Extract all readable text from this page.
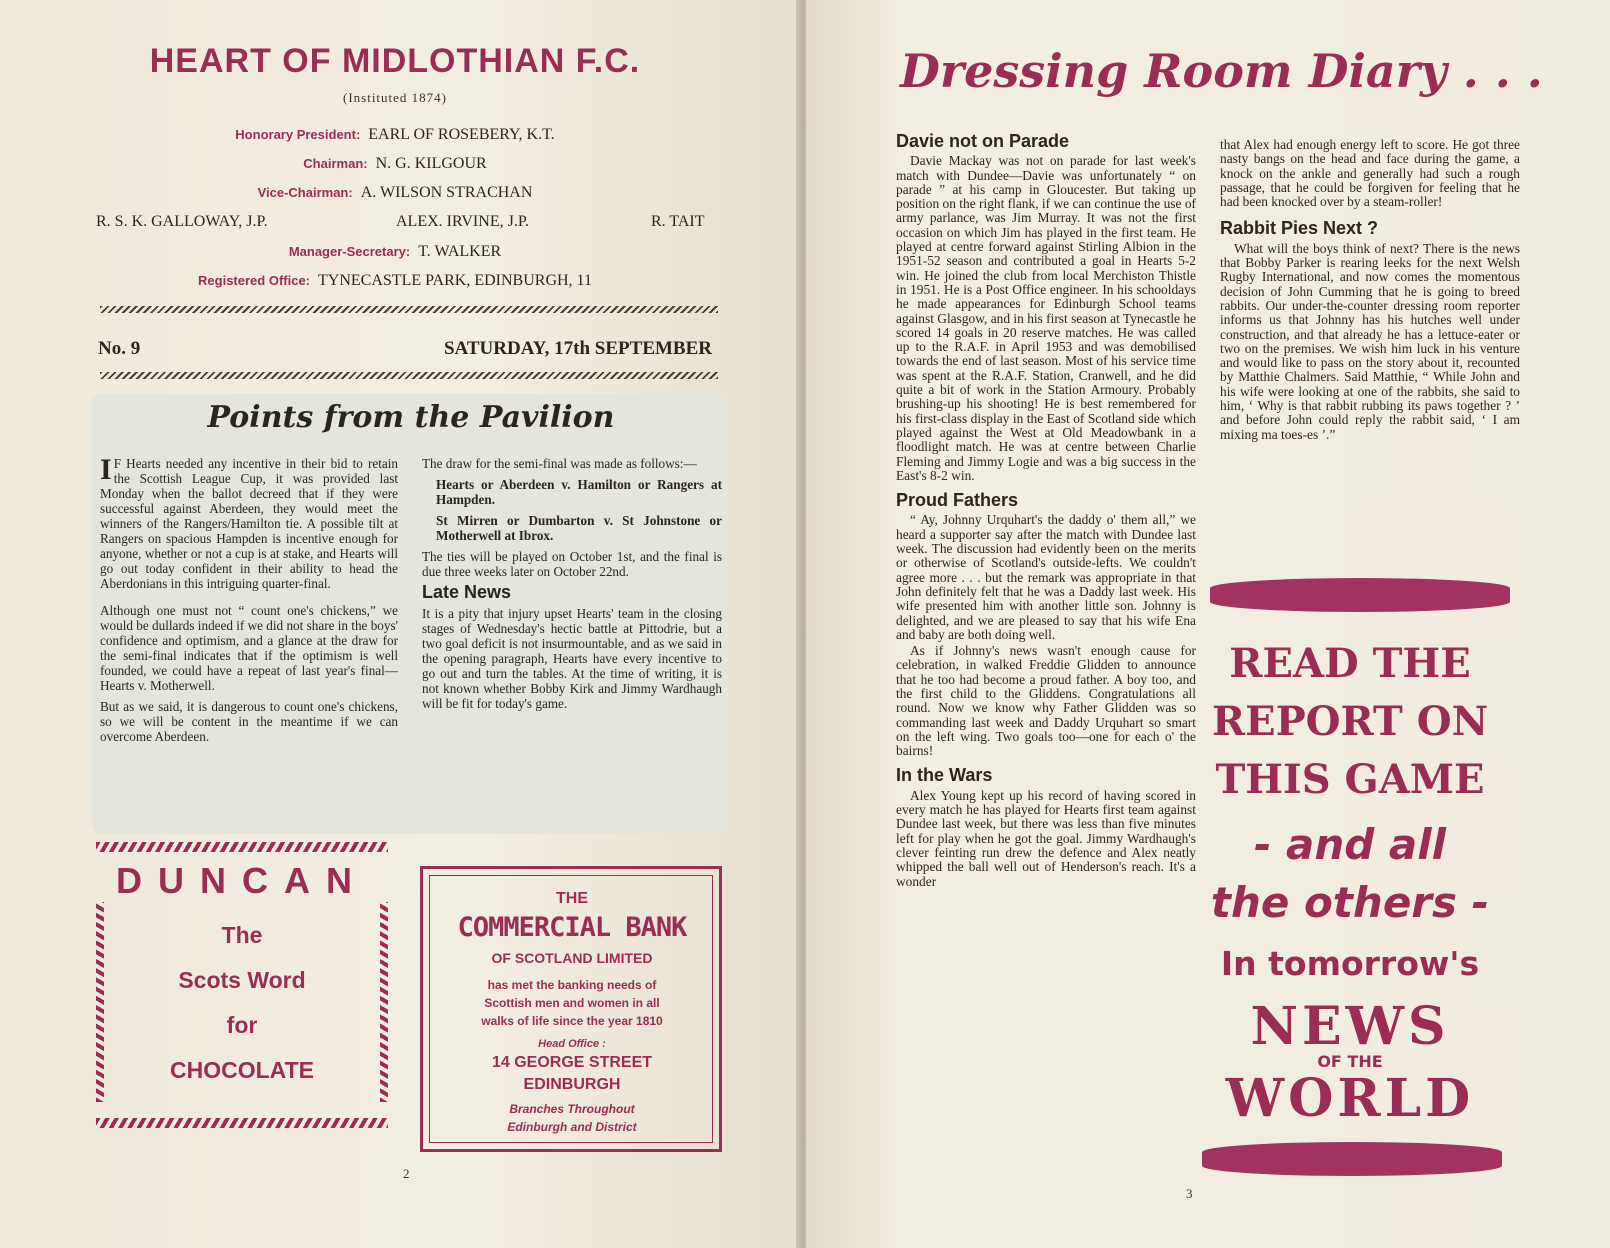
HEART OF MIDLOTHIAN F.C.
(Instituted 1874)
Honorary President: EARL OF ROSEBERY, K.T.
Chairman: N. G. KILGOUR
Vice-Chairman: A. WILSON STRACHAN
R. S. K. GALLOWAY, J.P.	ALEX. IRVINE, J.P.	R. TAIT
Manager-Secretary: T. WALKER
Registered Office: TYNECASTLE PARK, EDINBURGH, 11
No. 9	SATURDAY, 17th SEPTEMBER
Points from the Pavilion

I F Hearts needed any incentive in their bid to retain the Scottish League Cup, it was provided last Monday when the ballot decreed that if they were successful against Aberdeen, they would meet the winners of the Rangers/Hamilton tie. A possible tilt at Rangers on spacious Hampden is incentive enough for anyone, whether or not a cup is at stake, and Hearts will go out today confident in their ability to head the Aberdonians in this intriguing quarter-final.

Although one must not “ count one's chickens,” we would be dullards indeed if we did not share in the boys' confidence and optimism, and a glance at the draw for the semi-final indicates that if the optimism is well founded, we could have a repeat of last year's final—Hearts v. Motherwell.

But as we said, it is dangerous to count one's chickens, so we will be content in the meantime if we can overcome Aberdeen.

The draw for the semi-final was made as follows:—

Hearts or Aberdeen v. Hamilton or Rangers at Hampden.

St Mirren or Dumbarton v. St Johnstone or Motherwell at Ibrox.

The ties will be played on October 1st, and the final is due three weeks later on October 22nd.

Late News

It is a pity that injury upset Hearts' team in the closing stages of Wednesday's hectic battle at Pittodrie, but a two goal deficit is not insurmountable, and as we said in the opening paragraph, Hearts have every incentive to go out and turn the tables. At the time of writing, it is not known whether Bobby Kirk and Jimmy Wardhaugh will be fit for today's game.

DUNCAN
The
Scots Word
for
CHOCOLATE
THE
COMMERCIAL BANK
OF SCOTLAND LIMITED
has met the banking needs of
Scottish men and women in all
walks of life since the year 1810
Head Office :
14 GEORGE STREET
EDINBURGH
Branches Throughout
Edinburgh and District
2
Dressing Room Diary . . .
Davie not on Parade

Davie Mackay was not on parade for last week's match with Dundee—Davie was unfortunately “ on parade ” at his camp in Gloucester. But taking up position on the right flank, if we can continue the use of army parlance, was Jim Murray. It was not the first occasion on which Jim has played in the first team. He played at centre forward against Stirling Albion in the 1951-52 season and contributed a goal in Hearts 5-2 win. He joined the club from local Merchiston Thistle in 1951. He is a Post Office engineer. In his schooldays he made appearances for Edinburgh School teams against Glasgow, and in his first season at Tynecastle he scored 14 goals in 20 reserve matches. He was called up to the R.A.F. in April 1953 and was demobilised towards the end of last season. Most of his service time was spent at the R.A.F. Station, Cranwell, and he did quite a bit of work in the Station Armoury. Probably brushing-up his shooting! He is best remembered for his first-class display in the East of Scotland side which played against the West at Old Meadowbank in a floodlight match. He was at centre between Charlie Fleming and Jimmy Logie and was a big success in the East's 8-2 win.

Proud Fathers

“ Ay, Johnny Urquhart's the daddy o' them all,” we heard a supporter say after the match with Dundee last week. The discussion had evidently been on the merits or otherwise of Scotland's outside-lefts. We couldn't agree more . . . but the remark was appropriate in that John definitely felt that he was a Daddy last week. His wife presented him with another little son. Johnny is delighted, and we are pleased to say that his wife Ena and baby are both doing well.

As if Johnny's news wasn't enough cause for celebration, in walked Freddie Glidden to announce that he too had become a proud father. A boy too, and the first child to the Gliddens. Congratulations all round. Now we know why Father Glidden was so commanding last week and Daddy Urquhart so smart on the left wing. Two goals too—one for each o' the bairns!

In the Wars

Alex Young kept up his record of having scored in every match he has played for Hearts first team against Dundee last week, but there was less than five minutes left for play when he got the goal. Jimmy Wardhaugh's clever feinting run drew the defence and Alex neatly whipped the ball well out of Henderson's reach. It's a wonder

that Alex had enough energy left to score. He got three nasty bangs on the head and face during the game, a knock on the ankle and generally had such a rough passage, that he could be forgiven for feeling that he had been knocked over by a steam-roller!

Rabbit Pies Next ?

What will the boys think of next? There is the news that Bobby Parker is rearing leeks for the next Welsh Rugby International, and now comes the momentous decision of John Cumming that he is going to breed rabbits. Our under-the-counter dressing room reporter informs us that Johnny has his hutches well under construction, and that already he has a lettuce-eater or two on the premises. We wish him luck in his venture and would like to pass on the story about it, recounted by Matthie Chalmers. Said Matthie, “ While John and his wife were looking at one of the rabbits, she said to him, ‘ Why is that rabbit rubbing its paws together ? ’ and before John could reply the rabbit said, ‘ I am mixing ma toes-es ’.”

READ THE
REPORT ON
THIS GAME
- and all
the others -
In tomorrow's
NEWS
OF THE
WORLD
3
